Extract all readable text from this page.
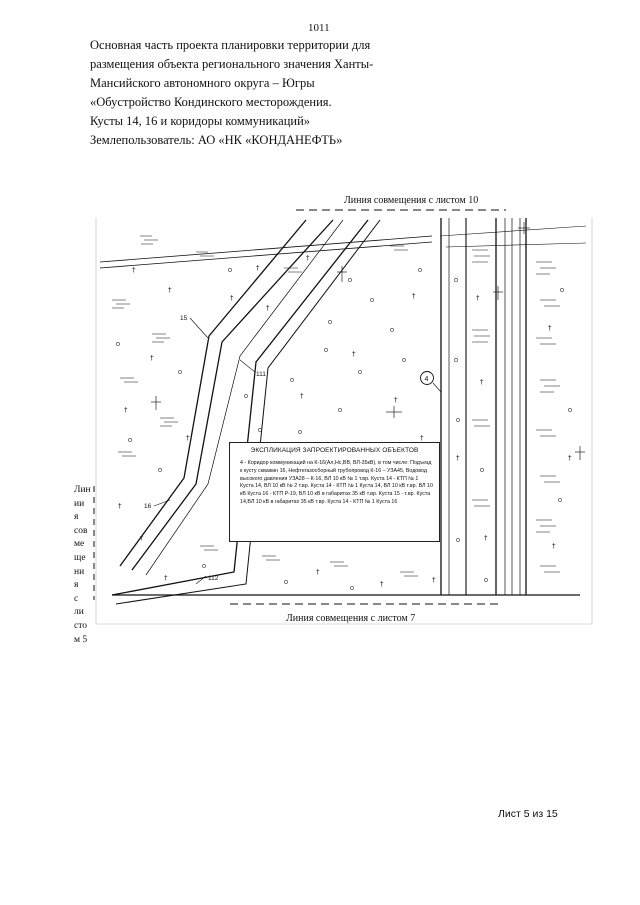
1011
Основная часть проекта планировки территории для
размещения объекта регионального значения Ханты-
Мансийского автономного округа – Югры
«Обустройство Кондинского месторождения.
Кусты 14, 16 и коридоры коммуникаций»
Землепользователь: АО «НК «КОНДАНЕФТЬ»
†
†
†
†
†
†
†
†
†
†
†
†
†
†
†
†
†
†
†
†
†
†
†
†	†
†
†
15
111
16
112
4
Линия совмещения с листом 10
Линия совмещения с листом 7
Лин
ии
я
сов
ме
ще
ни
я
с
ли
сто
м 5
ЭКСПЛИКАЦИЯ ЗАПРОЕКТИРОВАННЫХ ОБЪЕКТОВ
4 - Коридор коммуникаций на К-16(Ал,Нс,ВВ, ВЛ-35кВ), в том числе: Подъезд к кусту скважин 16, Нефтегазосборный трубопровод К-16 – УЗА45, Водовод высокого давления УЗА28 – К-16, ВЛ 10 кВ № 1 т.вр. Куста 14 - КТП № 1 Куста 14, ВЛ 10 кВ № 2 т.вр. Куста 14 - КТП № 1 Куста 14, ВЛ 10 кВ т.вр. ВЛ 10 кВ Куста 16 - КТП Р-19, ВЛ 10 кВ в габаритах 35 кВ т.вр. Куста 15 - т.вр. Куста 14,ВЛ 10 кВ в габаритах 35 кВ т.вр. Куста 14 - КТП № 1 Куста 16
Лист 5 из 15
